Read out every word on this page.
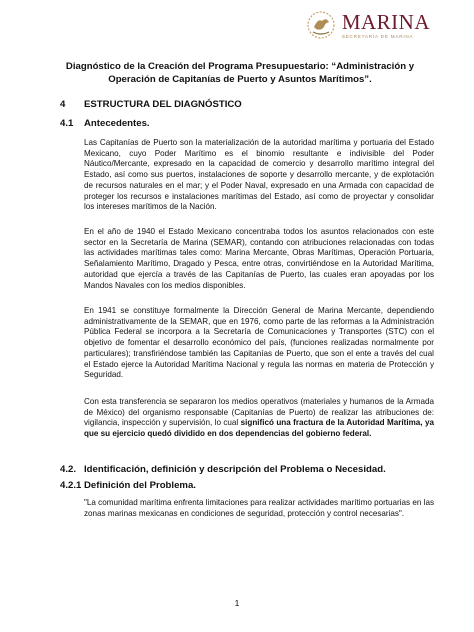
MARINA
SECRETARÍA DE MARINA
Diagnóstico de la Creación del Programa Presupuestario: “Administración y Operación de Capitanías de Puerto y Asuntos Marítimos”.
4 ESTRUCTURA DEL DIAGNÓSTICO
4.1 Antecedentes.
Las Capitanías de Puerto son la materialización de la autoridad marítima y portuaria del Estado Mexicano, cuyo Poder Marítimo es el binomio resultante e indivisible del Poder Náutico/Mercante, expresado en la capacidad de comercio y desarrollo marítimo integral del Estado, así como sus puertos, instalaciones de soporte y desarrollo mercante, y de explotación de recursos naturales en el mar; y el Poder Naval, expresado en una Armada con capacidad de proteger los recursos e instalaciones marítimas del Estado, así como de proyectar y consolidar los intereses marítimos de la Nación.
En el año de 1940 el Estado Mexicano concentraba todos los asuntos relacionados con este sector en la Secretaría de Marina (SEMAR), contando con atribuciones relacionadas con todas las actividades marítimas tales como: Marina Mercante, Obras Marítimas, Operación Portuaria, Señalamiento Marítimo, Dragado y Pesca, entre otras, convirtiéndose en la Autoridad Marítima, autoridad que ejercía a través de las Capitanías de Puerto, las cuales eran apoyadas por los Mandos Navales con los medios disponibles.
En 1941 se constituye formalmente la Dirección General de Marina Mercante, dependiendo administrativamente de la SEMAR, que en 1976, como parte de las reformas a la Administración Pública Federal se incorpora a la Secretaría de Comunicaciones y Transportes (STC) con el objetivo de fomentar el desarrollo económico del país, (funciones realizadas normalmente por particulares); transfiriéndose también las Capitanías de Puerto, que son el ente a través del cual el Estado ejerce la Autoridad Marítima Nacional y regula las normas en materia de Protección y Seguridad.
Con esta transferencia se separaron los medios operativos (materiales y humanos de la Armada de México) del organismo responsable (Capitanías de Puerto) de realizar las atribuciones de: vigilancia, inspección y supervisión, lo cual significó una fractura de la Autoridad Marítima, ya que su ejercicio quedó dividido en dos dependencias del gobierno federal.
4.2. Identificación, definición y descripción del Problema o Necesidad.
4.2.1 Definición del Problema.
"La comunidad marítima enfrenta limitaciones para realizar actividades marítimo portuarias en las zonas marinas mexicanas en condiciones de seguridad, protección y control necesarias".
1
